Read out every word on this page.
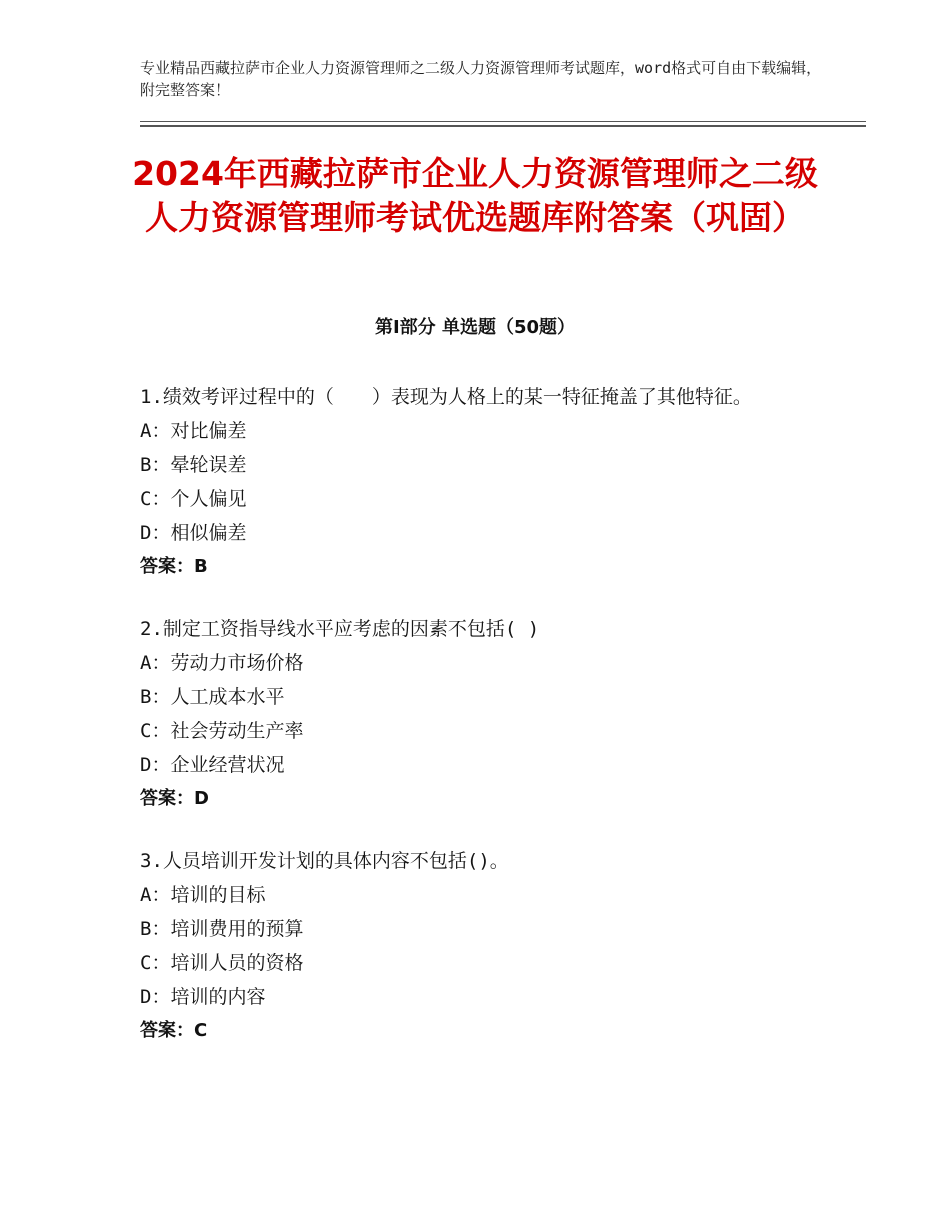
专业精品西藏拉萨市企业人力资源管理师之二级人力资源管理师考试题库，word格式可自由下载编辑，附完整答案！

2024年西藏拉萨市企业人力资源管理师之二级人力资源管理师考试优选题库附答案（巩固）
第Ⅰ部分 单选题（50题）

1.绩效考评过程中的（　　）表现为人格上的某一特征掩盖了其他特征。

A：对比偏差

B：晕轮误差

C：个人偏见

D：相似偏差

答案：B

2.制定工资指导线水平应考虑的因素不包括( )

A：劳动力市场价格

B：人工成本水平

C：社会劳动生产率

D：企业经营状况

答案：D

3.人员培训开发计划的具体内容不包括()。

A：培训的目标

B：培训费用的预算

C：培训人员的资格

D：培训的内容

答案：C
